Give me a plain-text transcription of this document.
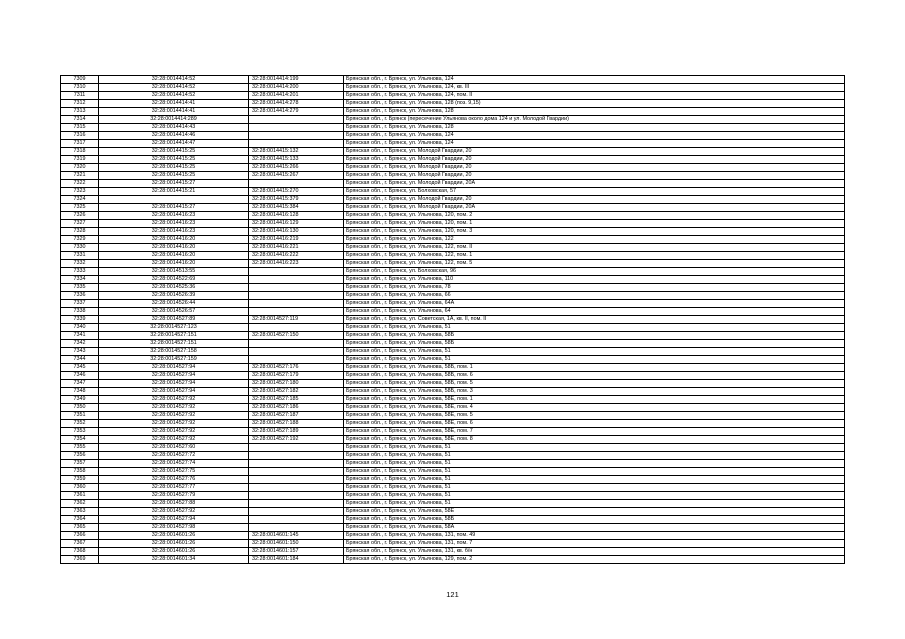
7309	32:28:0014414:52	32:28:0014414:199	Брянская обл., г. Брянск, ул. Ульянова, 124
7310	32:28:0014414:52	32:28:0014414:200	Брянская обл., г. Брянск, ул. Ульянова, 124, кв. III
7311	32:28:0014414:52	32:28:0014414:201	Брянская обл., г. Брянск, ул. Ульянова, 124, пом. II
7312	32:28:0014414:41	32:28:0014414:278	Брянская обл., г. Брянск, ул. Ульянова, 128 (поз. 9,15)
7313	32:28:0014414:41	32:28:0014414:279	Брянская обл., г. Брянск, ул. Ульянова, 128
7314	32:28:0014414:289		Брянская обл., г. Брянск (пересечение Ульянова около дома 124 и ул. Молодой Гвардии)
7315	32:28:0014414:43		Брянская обл., г. Брянск, ул. Ульянова, 128
7316	32:28:0014414:46		Брянская обл., г. Брянск, ул. Ульянова, 124
7317	32:28:0014414:47		Брянская обл., г. Брянск, ул. Ульянова, 124
7318	32:28:0014415:25	32:28:0014415:132	Брянская обл., г. Брянск, ул. Молодой Гвардии, 20
7319	32:28:0014415:25	32:28:0014415:133	Брянская обл., г. Брянск, ул. Молодой Гвардии, 20
7320	32:28:0014415:25	32:28:0014415:266	Брянская обл., г. Брянск, ул. Молодой Гвардии, 20
7321	32:28:0014415:25	32:28:0014415:267	Брянская обл., г. Брянск, ул. Молодой Гвардии, 20
7322	32:28:0014415:27		Брянская обл., г. Брянск, ул. Молодой Гвардии, 20А
7323	32:28:0014415:21	32:28:0014415:270	Брянская обл., г. Брянск, ул. Болховская, 57
7324		32:28:0014415:379	Брянская обл., г. Брянск, ул. Молодой Гвардии, 20
7325	32:28:0014415:27	32:28:0014415:384	Брянская обл., г. Брянск, ул. Молодой Гвардии, 20А
7326	32:28:0014416:23	32:28:0014416:128	Брянская обл., г. Брянск, ул. Ульянова, 120, пом. 2
7327	32:28:0014416:23	32:28:0014416:129	Брянская обл., г. Брянск, ул. Ульянова, 120, пом. 1
7328	32:28:0014416:23	32:28:0014416:130	Брянская обл., г. Брянск, ул. Ульянова, 120, пом. 3
7329	32:28:0014416:20	32:28:0014416:219	Брянская обл., г. Брянск, ул. Ульянова, 122
7330	32:28:0014416:20	32:28:0014416:221	Брянская обл., г. Брянск, ул. Ульянова, 122, пом. II
7331	32:28:0014416:20	32:28:0014416:222	Брянская обл., г. Брянск, ул. Ульянова, 122, пом. 1
7332	32:28:0014416:20	32:28:0014416:223	Брянская обл., г. Брянск, ул. Ульянова, 122, пом. 5
7333	32:28:0014513:55		Брянская обл., г. Брянск, ул. Болховская, 96
7334	32:28:0014522:69		Брянская обл., г. Брянск, ул. Ульянова, 110
7335	32:28:0014525:36		Брянская обл., г. Брянск, ул. Ульянова, 78
7336	32:28:0014526:39		Брянская обл., г. Брянск, ул. Ульянова, 66
7337	32:28:0014526:44		Брянская обл., г. Брянск, ул. Ульянова, 64А
7338	32:28:0014526:57		Брянская обл., г. Брянск, ул. Ульянова, 64
7339	32:28:0014527:89	32:28:0014527:119	Брянская обл., г. Брянск, ул. Советская, 1А, кв. II, пом. II
7340	32:28:0014527:123		Брянская обл., г. Брянск, ул. Ульянова, 51
7341	32:28:0014527:151	32:28:0014527:150	Брянская обл., г. Брянск, ул. Ульянова, 58Б
7342	32:28:0014527:151		Брянская обл., г. Брянск, ул. Ульянова, 58Б
7343	32:28:0014527:158		Брянская обл., г. Брянск, ул. Ульянова, 51
7344	32:28:0014527:159		Брянская обл., г. Брянск, ул. Ульянова, 51
7345	32:28:0014527:94	32:28:0014527:176	Брянская обл., г. Брянск, ул. Ульянова, 58Б, пом. 1
7346	32:28:0014527:94	32:28:0014527:179	Брянская обл., г. Брянск, ул. Ульянова, 58Б, пом. 6
7347	32:28:0014527:94	32:28:0014527:180	Брянская обл., г. Брянск, ул. Ульянова, 58Б, пом. 5
7348	32:28:0014527:94	32:28:0014527:182	Брянская обл., г. Брянск, ул. Ульянова, 58Б, пом. 3
7349	32:28:0014527:92	32:28:0014527:185	Брянская обл., г. Брянск, ул. Ульянова, 58Е, пом. 1
7350	32:28:0014527:92	32:28:0014527:186	Брянская обл., г. Брянск, ул. Ульянова, 58Е, пом. 4
7351	32:28:0014527:92	32:28:0014527:187	Брянская обл., г. Брянск, ул. Ульянова, 58Е, пом. 5
7352	32:28:0014527:92	32:28:0014527:188	Брянская обл., г. Брянск, ул. Ульянова, 58Е, пом. 6
7353	32:28:0014527:92	32:28:0014527:189	Брянская обл., г. Брянск, ул. Ульянова, 58Е, пом. 7
7354	32:28:0014527:92	32:28:0014527:192	Брянская обл., г. Брянск, ул. Ульянова, 58Е, пом. 8
7355	32:28:0014527:60		Брянская обл., г. Брянск, ул. Ульянова, 51
7356	32:28:0014527:72		Брянская обл., г. Брянск, ул. Ульянова, 51
7357	32:28:0014527:74		Брянская обл., г. Брянск, ул. Ульянова, 51
7358	32:28:0014527:75		Брянская обл., г. Брянск, ул. Ульянова, 51
7359	32:28:0014527:76		Брянская обл., г. Брянск, ул. Ульянова, 51
7360	32:28:0014527:77		Брянская обл., г. Брянск, ул. Ульянова, 51
7361	32:28:0014527:79		Брянская обл., г. Брянск, ул. Ульянова, 51
7362	32:28:0014527:88		Брянская обл., г. Брянск, ул. Ульянова, 51
7363	32:28:0014527:92		Брянская обл., г. Брянск, ул. Ульянова, 58Е
7364	32:28:0014527:94		Брянская обл., г. Брянск, ул. Ульянова, 58Б
7365	32:28:0014527:98		Брянская обл., г. Брянск, ул. Ульянова, 58А
7366	32:28:0014601:26	32:28:0014601:145	Брянская обл., г. Брянск, ул. Ульянова, 131, пом. 49
7367	32:28:0014601:26	32:28:0014601:150	Брянская обл., г. Брянск, ул. Ульянова, 131, пом. 7
7368	32:28:0014601:26	32:28:0014601:157	Брянская обл., г. Брянск, ул. Ульянова, 131, кв. б/н
7369	32:28:0014601:34	32:28:0014601:184	Брянская обл., г. Брянск, ул. Ульянова, 129, пом. 2
121
